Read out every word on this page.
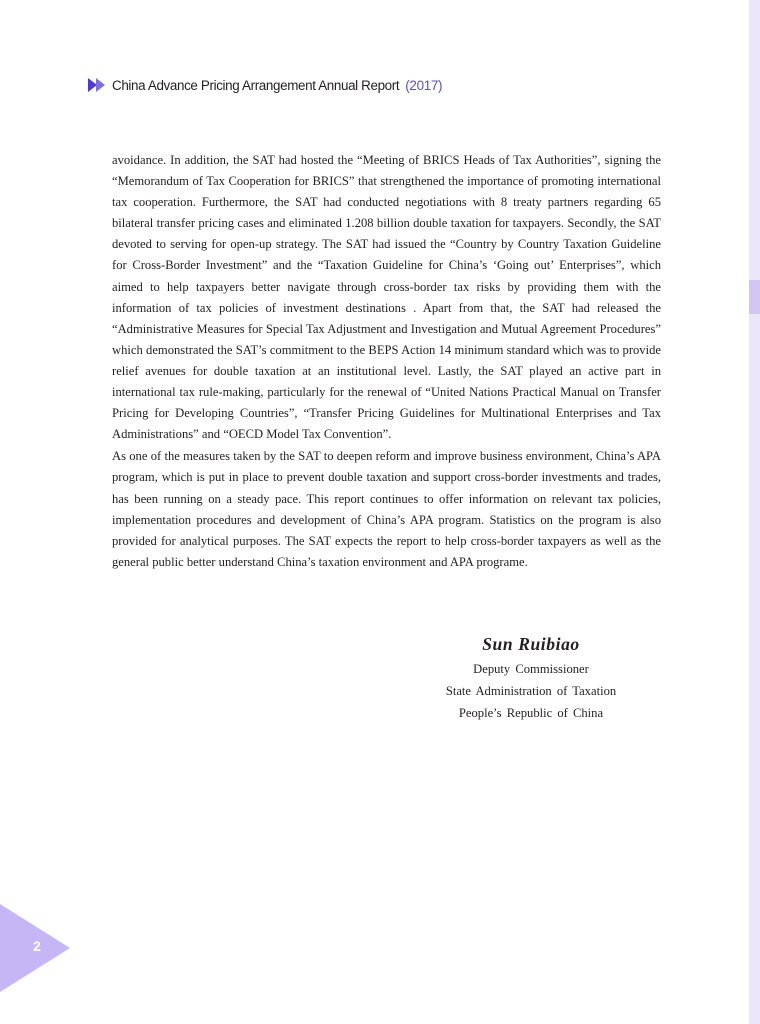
China Advance Pricing Arrangement Annual Report (2017)

avoidance. In addition, the SAT had hosted the “Meeting of BRICS Heads of Tax Authorities”, signing the “Memorandum of Tax Cooperation for BRICS” that strengthened the importance of promoting international tax cooperation. Furthermore, the SAT had conducted negotiations with 8 treaty partners regarding 65 bilateral transfer pricing cases and eliminated 1.208 billion double taxation for taxpayers. Secondly, the SAT devoted to serving for open-up strategy. The SAT had issued the “Country by Country Taxation Guideline for Cross-Border Investment” and the “Taxation Guideline for China’s ‘Going out’ Enterprises”, which aimed to help taxpayers better navigate through cross-border tax risks by providing them with the information of tax policies of investment destinations . Apart from that, the SAT had released the “Administrative Measures for Special Tax Adjustment and Investigation and Mutual Agreement Procedures” which demonstrated the SAT’s commitment to the BEPS Action 14 minimum standard which was to provide relief avenues for double taxation at an institutional level. Lastly, the SAT played an active part in international tax rule-making, particularly for the renewal of “United Nations Practical Manual on Transfer Pricing for Developing Countries”, “Transfer Pricing Guidelines for Multinational Enterprises and Tax Administrations” and “OECD Model Tax Convention”.

As one of the measures taken by the SAT to deepen reform and improve business environment, China’s APA program, which is put in place to prevent double taxation and support cross-border investments and trades, has been running on a steady pace. This report continues to offer information on relevant tax policies, implementation procedures and development of China’s APA program. Statistics on the program is also provided for analytical purposes. The SAT expects the report to help cross-border taxpayers as well as the general public better understand China’s taxation environment and APA programe.

Sun Ruibiao
Deputy Commissioner
State Administration of Taxation
People’s Republic of China
2
